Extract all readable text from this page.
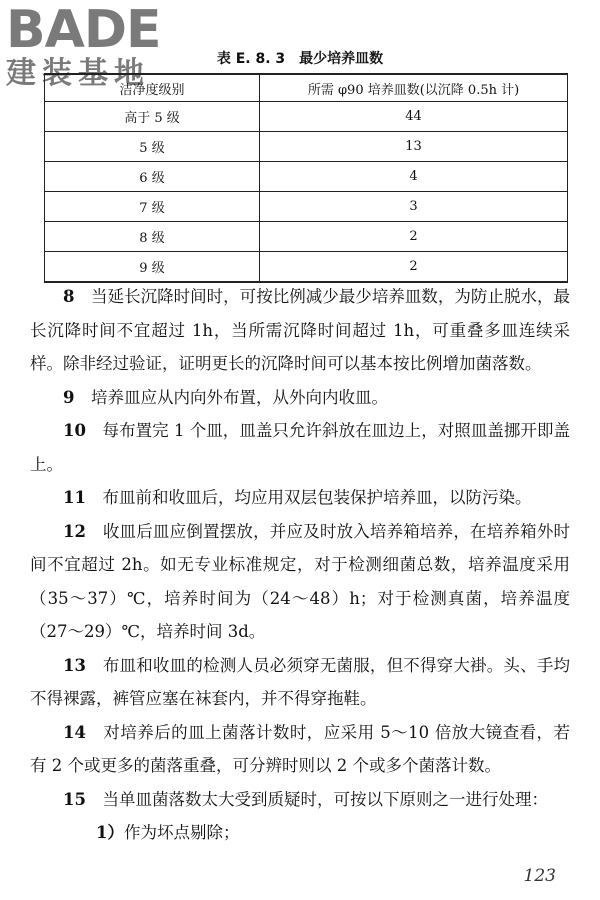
BADE
建装基地	表 E. 8. 3　最少培养皿数
洁净度级别	所需 φ90 培养皿数(以沉降 0.5h 计)
高于 5 级	44
5 级	13
6 级	4
7 级	3
8 级	2
9 级	2

8　 当延长沉降时间时，可按比例减少最少培养皿数，为防止脱水，最长沉降时间不宜超过 1h，当所需沉降时间超过 1h，可重叠多皿连续采样。除非经过验证，证明更长的沉降时间可以基本按比例增加菌落数。

9　 培养皿应从内向外布置，从外向内收皿。

10　 每布置完 1 个皿，皿盖只允许斜放在皿边上，对照皿盖挪开即盖上。

11　 布皿前和收皿后，均应用双层包装保护培养皿，以防污染。

12　 收皿后皿应倒置摆放，并应及时放入培养箱培养，在培养箱外时间不宜超过 2h。如无专业标准规定，对于检测细菌总数，培养温度采用（35～37）℃，培养时间为（24～48）h；对于检测真菌，培养温度（27～29）℃，培养时间 3d。

13　 布皿和收皿的检测人员必须穿无菌服，但不得穿大褂。头、手均不得裸露，裤管应塞在袜套内，并不得穿拖鞋。

14　 对培养后的皿上菌落计数时，应采用 5～10 倍放大镜查看，若有 2 个或更多的菌落重叠，可分辨时则以 2 个或多个菌落计数。

15　 当单皿菌落数太大受到质疑时，可按以下原则之一进行处理：

1）作为坏点剔除；

123
